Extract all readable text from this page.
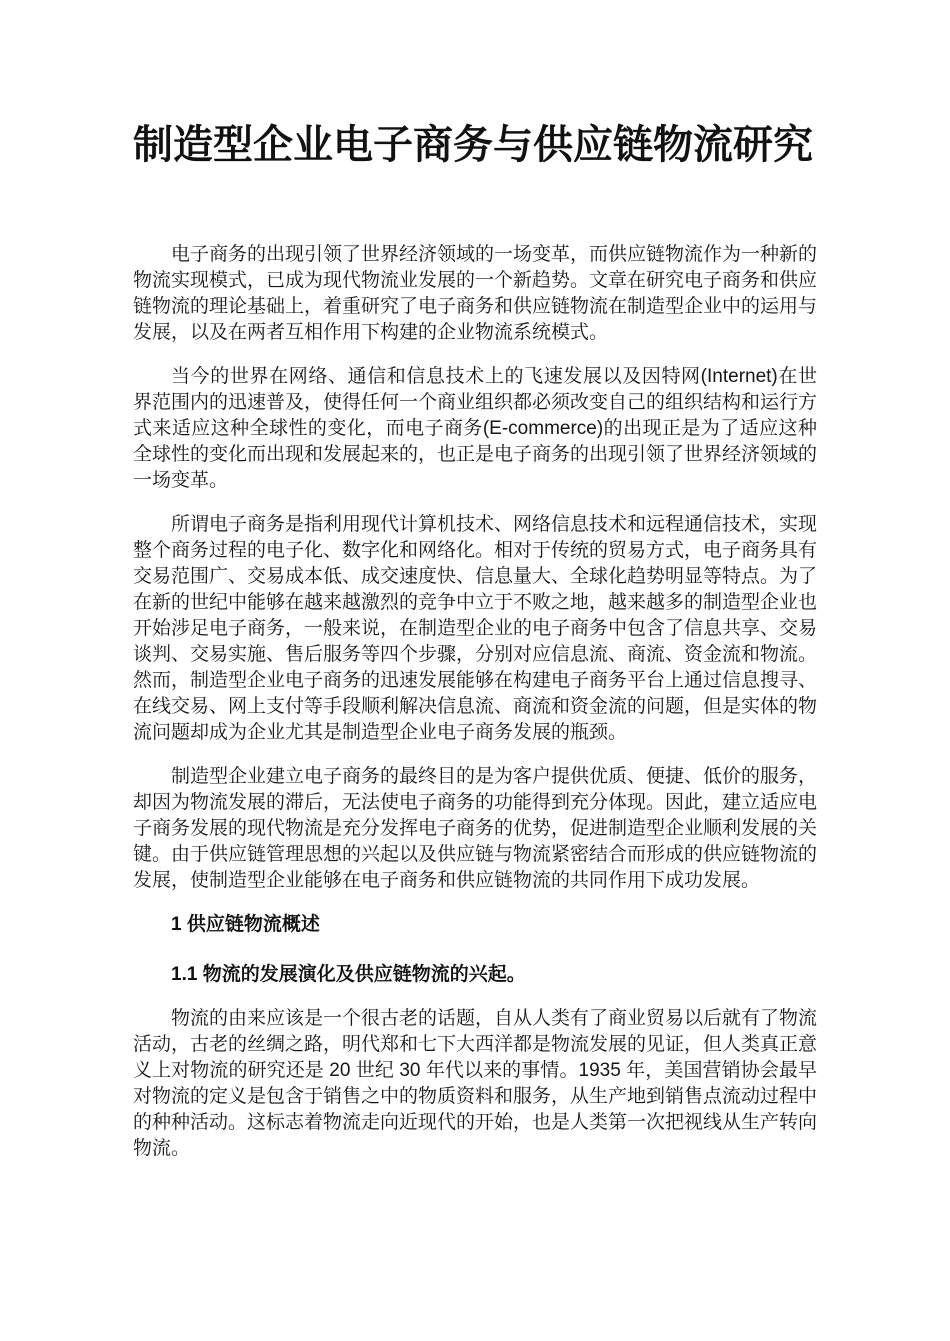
制造型企业电子商务与供应链物流研究
电子商务的出现引领了世界经济领域的一场变革，而供应链物流作为一种新的物流实现模式，已成为现代物流业发展的一个新趋势。文章在研究电子商务和供应链物流的理论基础上，着重研究了电子商务和供应链物流在制造型企业中的运用与发展，以及在两者互相作用下构建的企业物流系统模式。
当今的世界在网络、通信和信息技术上的飞速发展以及因特网(Internet)在世界范围内的迅速普及，使得任何一个商业组织都必须改变自己的组织结构和运行方式来适应这种全球性的变化，而电子商务(E-commerce)的出现正是为了适应这种全球性的变化而出现和发展起来的，也正是电子商务的出现引领了世界经济领域的一场变革。
所谓电子商务是指利用现代计算机技术、网络信息技术和远程通信技术，实现整个商务过程的电子化、数字化和网络化。相对于传统的贸易方式，电子商务具有交易范围广、交易成本低、成交速度快、信息量大、全球化趋势明显等特点。为了在新的世纪中能够在越来越激烈的竞争中立于不败之地，越来越多的制造型企业也开始涉足电子商务，一般来说，在制造型企业的电子商务中包含了信息共享、交易谈判、交易实施、售后服务等四个步骤，分别对应信息流、商流、资金流和物流。然而，制造型企业电子商务的迅速发展能够在构建电子商务平台上通过信息搜寻、在线交易、网上支付等手段顺利解决信息流、商流和资金流的问题，但是实体的物流问题却成为企业尤其是制造型企业电子商务发展的瓶颈。
制造型企业建立电子商务的最终目的是为客户提供优质、便捷、低价的服务，却因为物流发展的滞后，无法使电子商务的功能得到充分体现。因此，建立适应电子商务发展的现代物流是充分发挥电子商务的优势，促进制造型企业顺利发展的关键。由于供应链管理思想的兴起以及供应链与物流紧密结合而形成的供应链物流的发展，使制造型企业能够在电子商务和供应链物流的共同作用下成功发展。
1 供应链物流概述
1.1 物流的发展演化及供应链物流的兴起。
物流的由来应该是一个很古老的话题，自从人类有了商业贸易以后就有了物流活动，古老的丝绸之路，明代郑和七下大西洋都是物流发展的见证，但人类真正意义上对物流的研究还是 20 世纪 30 年代以来的事情。1935 年，美国营销协会最早对物流的定义是包含于销售之中的物质资料和服务，从生产地到销售点流动过程中的种种活动。这标志着物流走向近现代的开始，也是人类第一次把视线从生产转向物流。
